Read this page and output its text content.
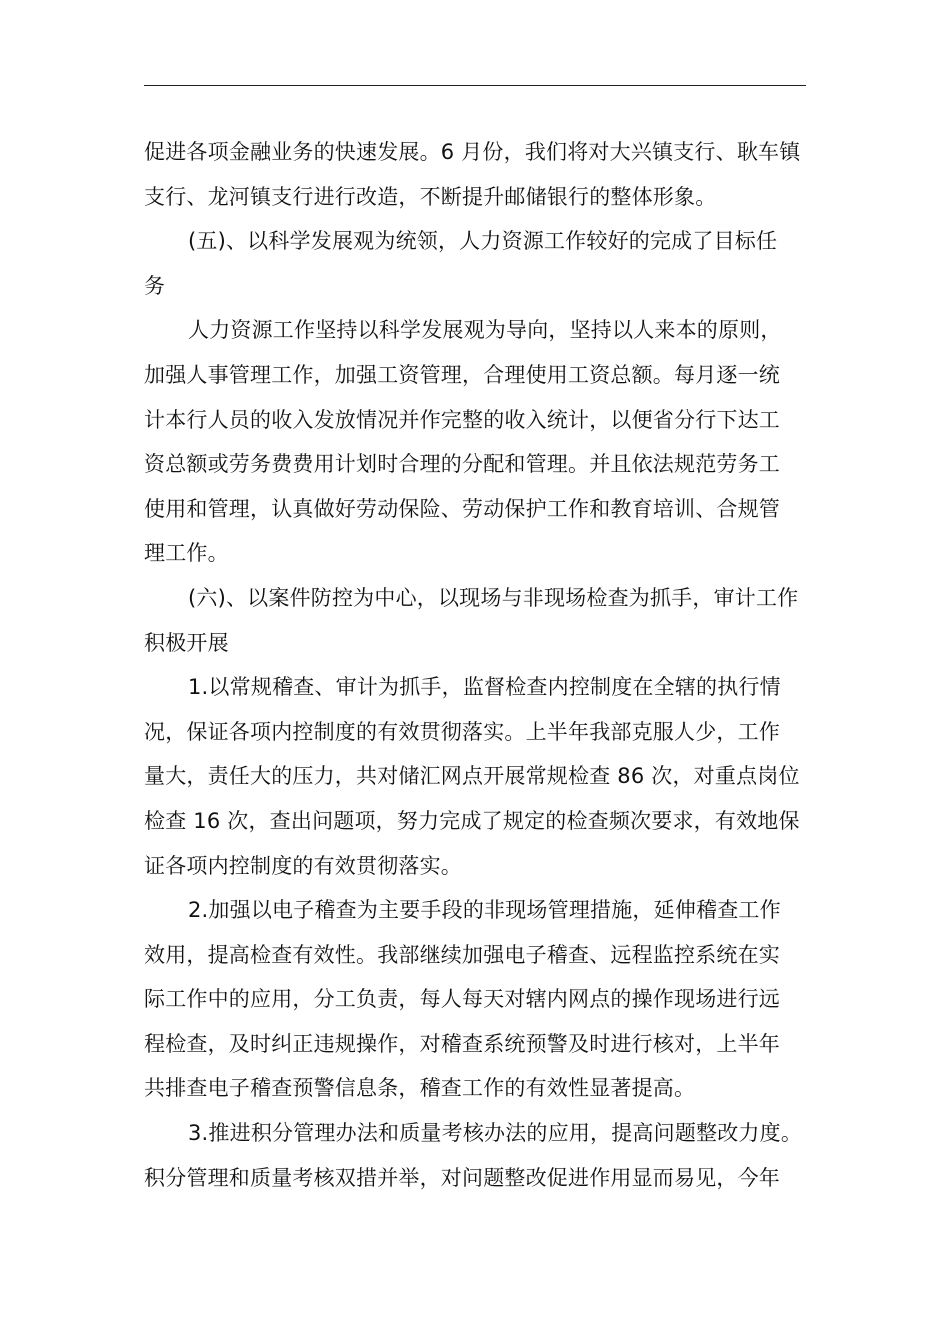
促进各项金融业务的快速发展。6 月份，我们将对大兴镇支行、耿车镇
支行、龙河镇支行进行改造，不断提升邮储银行的整体形象。
(五)、以科学发展观为统领，人力资源工作较好的完成了目标任
务
人力资源工作坚持以科学发展观为导向，坚持以人来本的原则，
加强人事管理工作，加强工资管理，合理使用工资总额。每月逐一统
计本行人员的收入发放情况并作完整的收入统计，以便省分行下达工
资总额或劳务费费用计划时合理的分配和管理。并且依法规范劳务工
使用和管理，认真做好劳动保险、劳动保护工作和教育培训、合规管
理工作。
(六)、以案件防控为中心，以现场与非现场检查为抓手，审计工作
积极开展
1.以常规稽查、审计为抓手，监督检查内控制度在全辖的执行情
况，保证各项内控制度的有效贯彻落实。上半年我部克服人少，工作
量大，责任大的压力，共对储汇网点开展常规检查 86 次，对重点岗位
检查 16 次，查出问题项，努力完成了规定的检查频次要求，有效地保
证各项内控制度的有效贯彻落实。
2.加强以电子稽查为主要手段的非现场管理措施，延伸稽查工作
效用，提高检查有效性。我部继续加强电子稽查、远程监控系统在实
际工作中的应用，分工负责，每人每天对辖内网点的操作现场进行远
程检查，及时纠正违规操作，对稽查系统预警及时进行核对，上半年
共排查电子稽查预警信息条，稽查工作的有效性显著提高。
3.推进积分管理办法和质量考核办法的应用，提高问题整改力度。
积分管理和质量考核双措并举，对问题整改促进作用显而易见，今年
